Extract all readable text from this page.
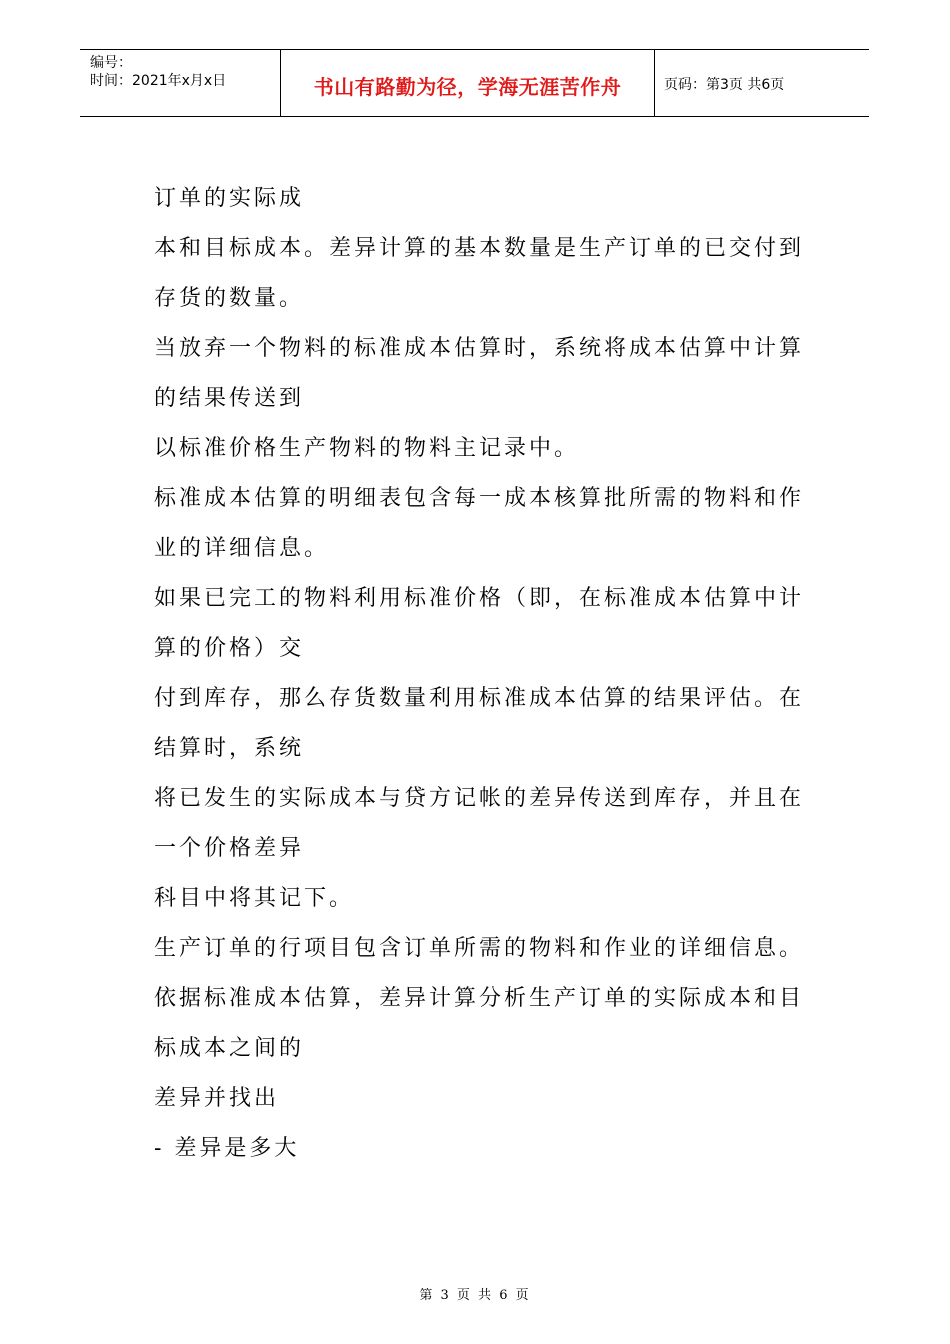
编号：
时间：2021年x月x日	书山有路勤为径，学海无涯苦作舟	页码：第3页 共6页

订单的实际成

本和目标成本。差异计算的基本数量是生产订单的已交付到

存货的数量。

当放弃一个物料的标准成本估算时，系统将成本估算中计算

的结果传送到

以标准价格生产物料的物料主记录中。

标准成本估算的明细表包含每一成本核算批所需的物料和作

业的详细信息。

如果已完工的物料利用标准价格（即，在标准成本估算中计

算的价格）交

付到库存，那么存货数量利用标准成本估算的结果评估。在

结算时，系统

将已发生的实际成本与贷方记帐的差异传送到库存，并且在

一个价格差异

科目中将其记下。

生产订单的行项目包含订单所需的物料和作业的详细信息。

依据标准成本估算，差异计算分析生产订单的实际成本和目

标成本之间的

差异并找出

- 差异是多大

第 3 页 共 6 页
